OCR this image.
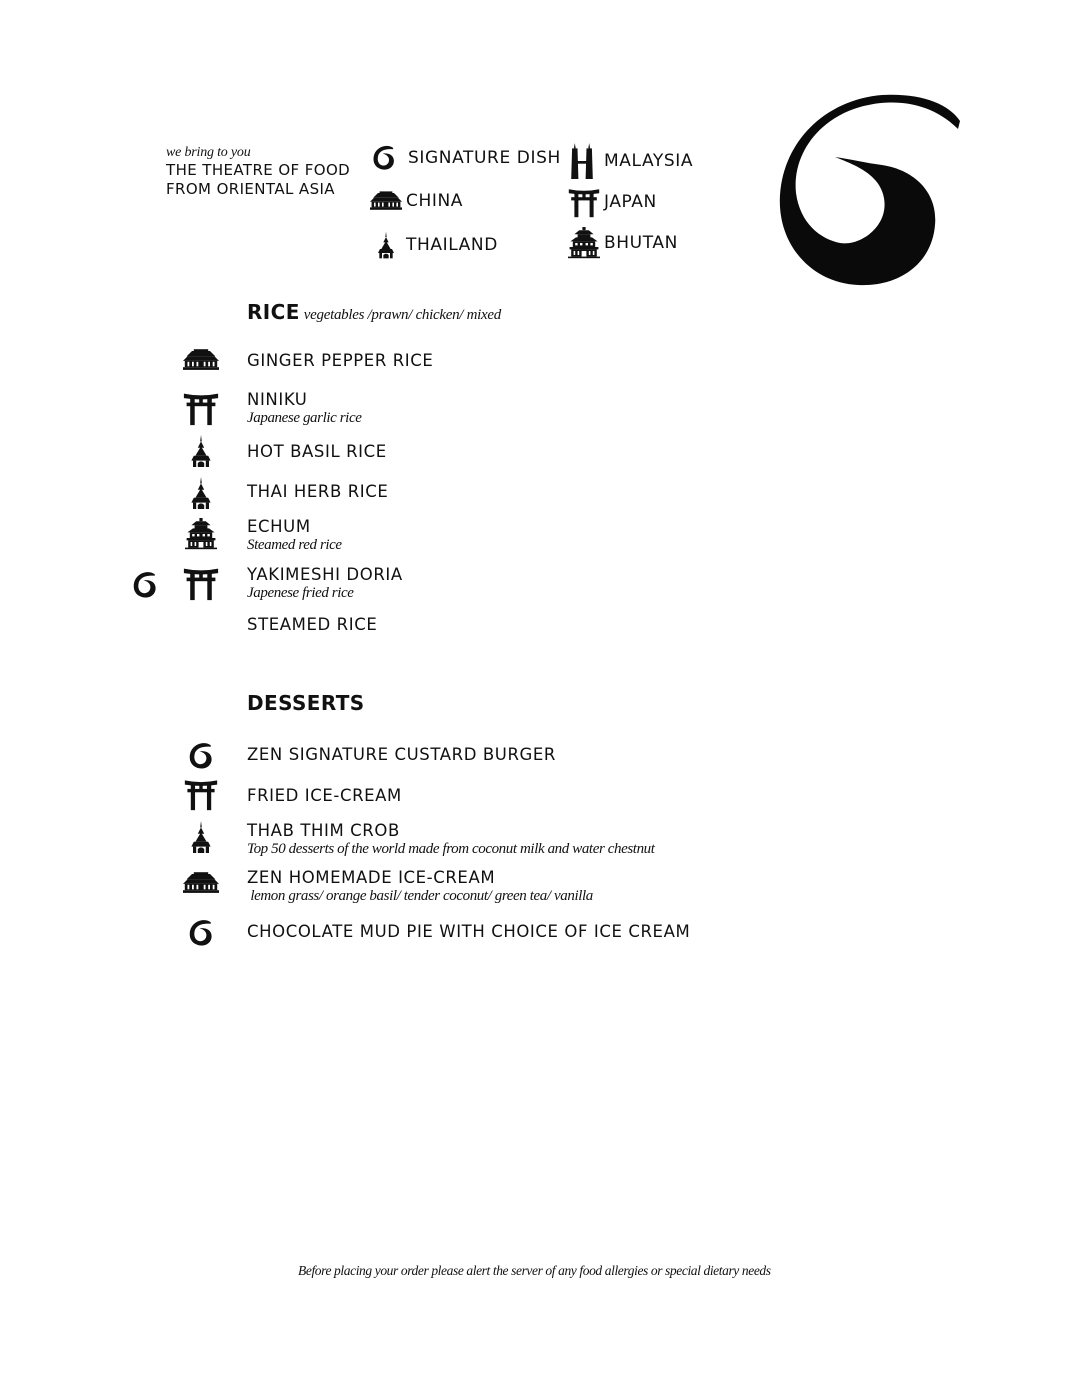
we bring to you
THE THEATRE OF FOOD
FROM ORIENTAL ASIA
SIGNATURE DISH	MALAYSIA
CHINA	JAPAN
THAILAND	BHUTAN
RICE vegetables /prawn/ chicken/ mixed
GINGER PEPPER RICE
NINIKU
Japanese garlic rice
HOT BASIL RICE
THAI HERB RICE
ECHUM
Steamed red rice
YAKIMESHI DORIA
Japenese fried rice
STEAMED RICE
DESSERTS
ZEN SIGNATURE CUSTARD BURGER
FRIED ICE-CREAM
THAB THIM CROB
Top 50 desserts of the world made from coconut milk and water chestnut
ZEN HOMEMADE ICE-CREAM
lemon grass/ orange basil/ tender coconut/ green tea/ vanilla
CHOCOLATE MUD PIE WITH CHOICE OF ICE CREAM
Before placing your order please alert the server of any food allergies or special dietary needs
